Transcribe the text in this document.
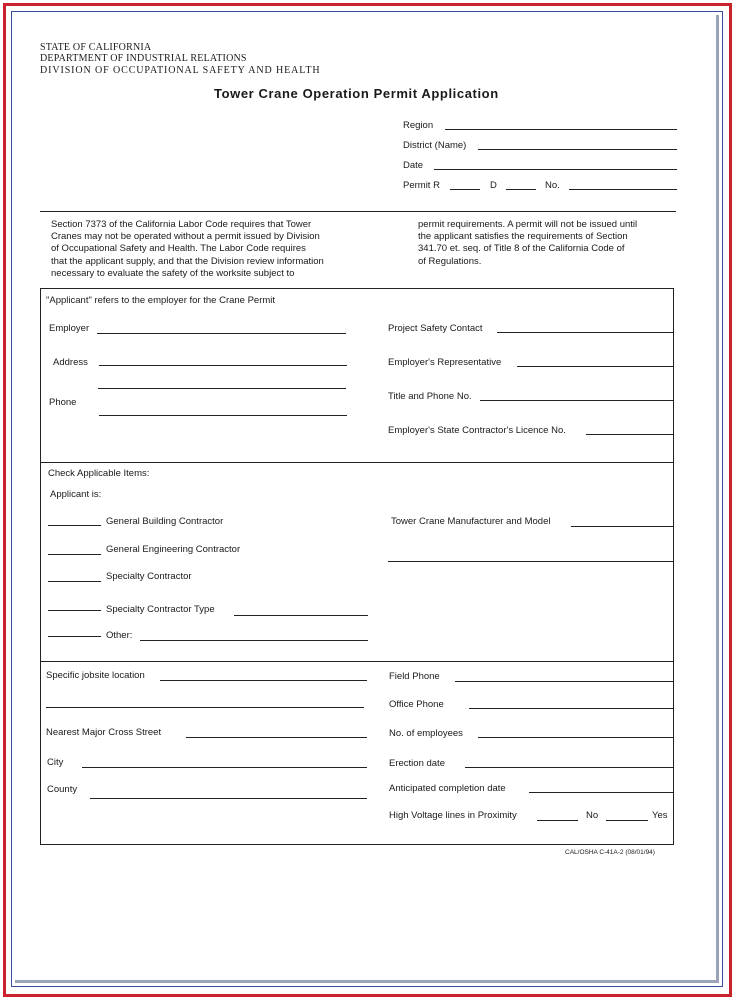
STATE OF CALIFORNIA
DEPARTMENT OF INDUSTRIAL RELATIONS
DIVISION OF OCCUPATIONAL SAFETY AND HEALTH
Tower Crane Operation Permit Application
Region
District (Name)
Date
Permit R	D	No.
Section 7373 of the California Labor Code requires that Tower
Cranes may not be operated without a permit issued by Division
of Occupational Safety and Health. The Labor Code requires
that the applicant supply, and that the Division review information
necessary to evaluate the safety of the worksite subject to
permit requirements. A permit will not be issued until
the applicant satisfies the requirements of Section
341.70 et. seq. of Title 8 of the California Code of
of Regulations.
"Applicant" refers to the employer for the Crane Permit
Employer
Address
Phone
Project Safety Contact
Employer's Representative
Title and Phone No.
Employer's State Contractor's Licence No.
Check Applicable Items:
Applicant is:
General Building Contractor
General Engineering Contractor
Specialty Contractor
Specialty Contractor Type
Other:
Tower Crane Manufacturer and Model
Specific jobsite location
Nearest Major Cross Street
City
County
Field Phone
Office Phone
No. of employees
Erection date
Anticipated completion date
High Voltage lines in Proximity	No	Yes
CAL/OSHA C-41A-2 (08/01/94)
